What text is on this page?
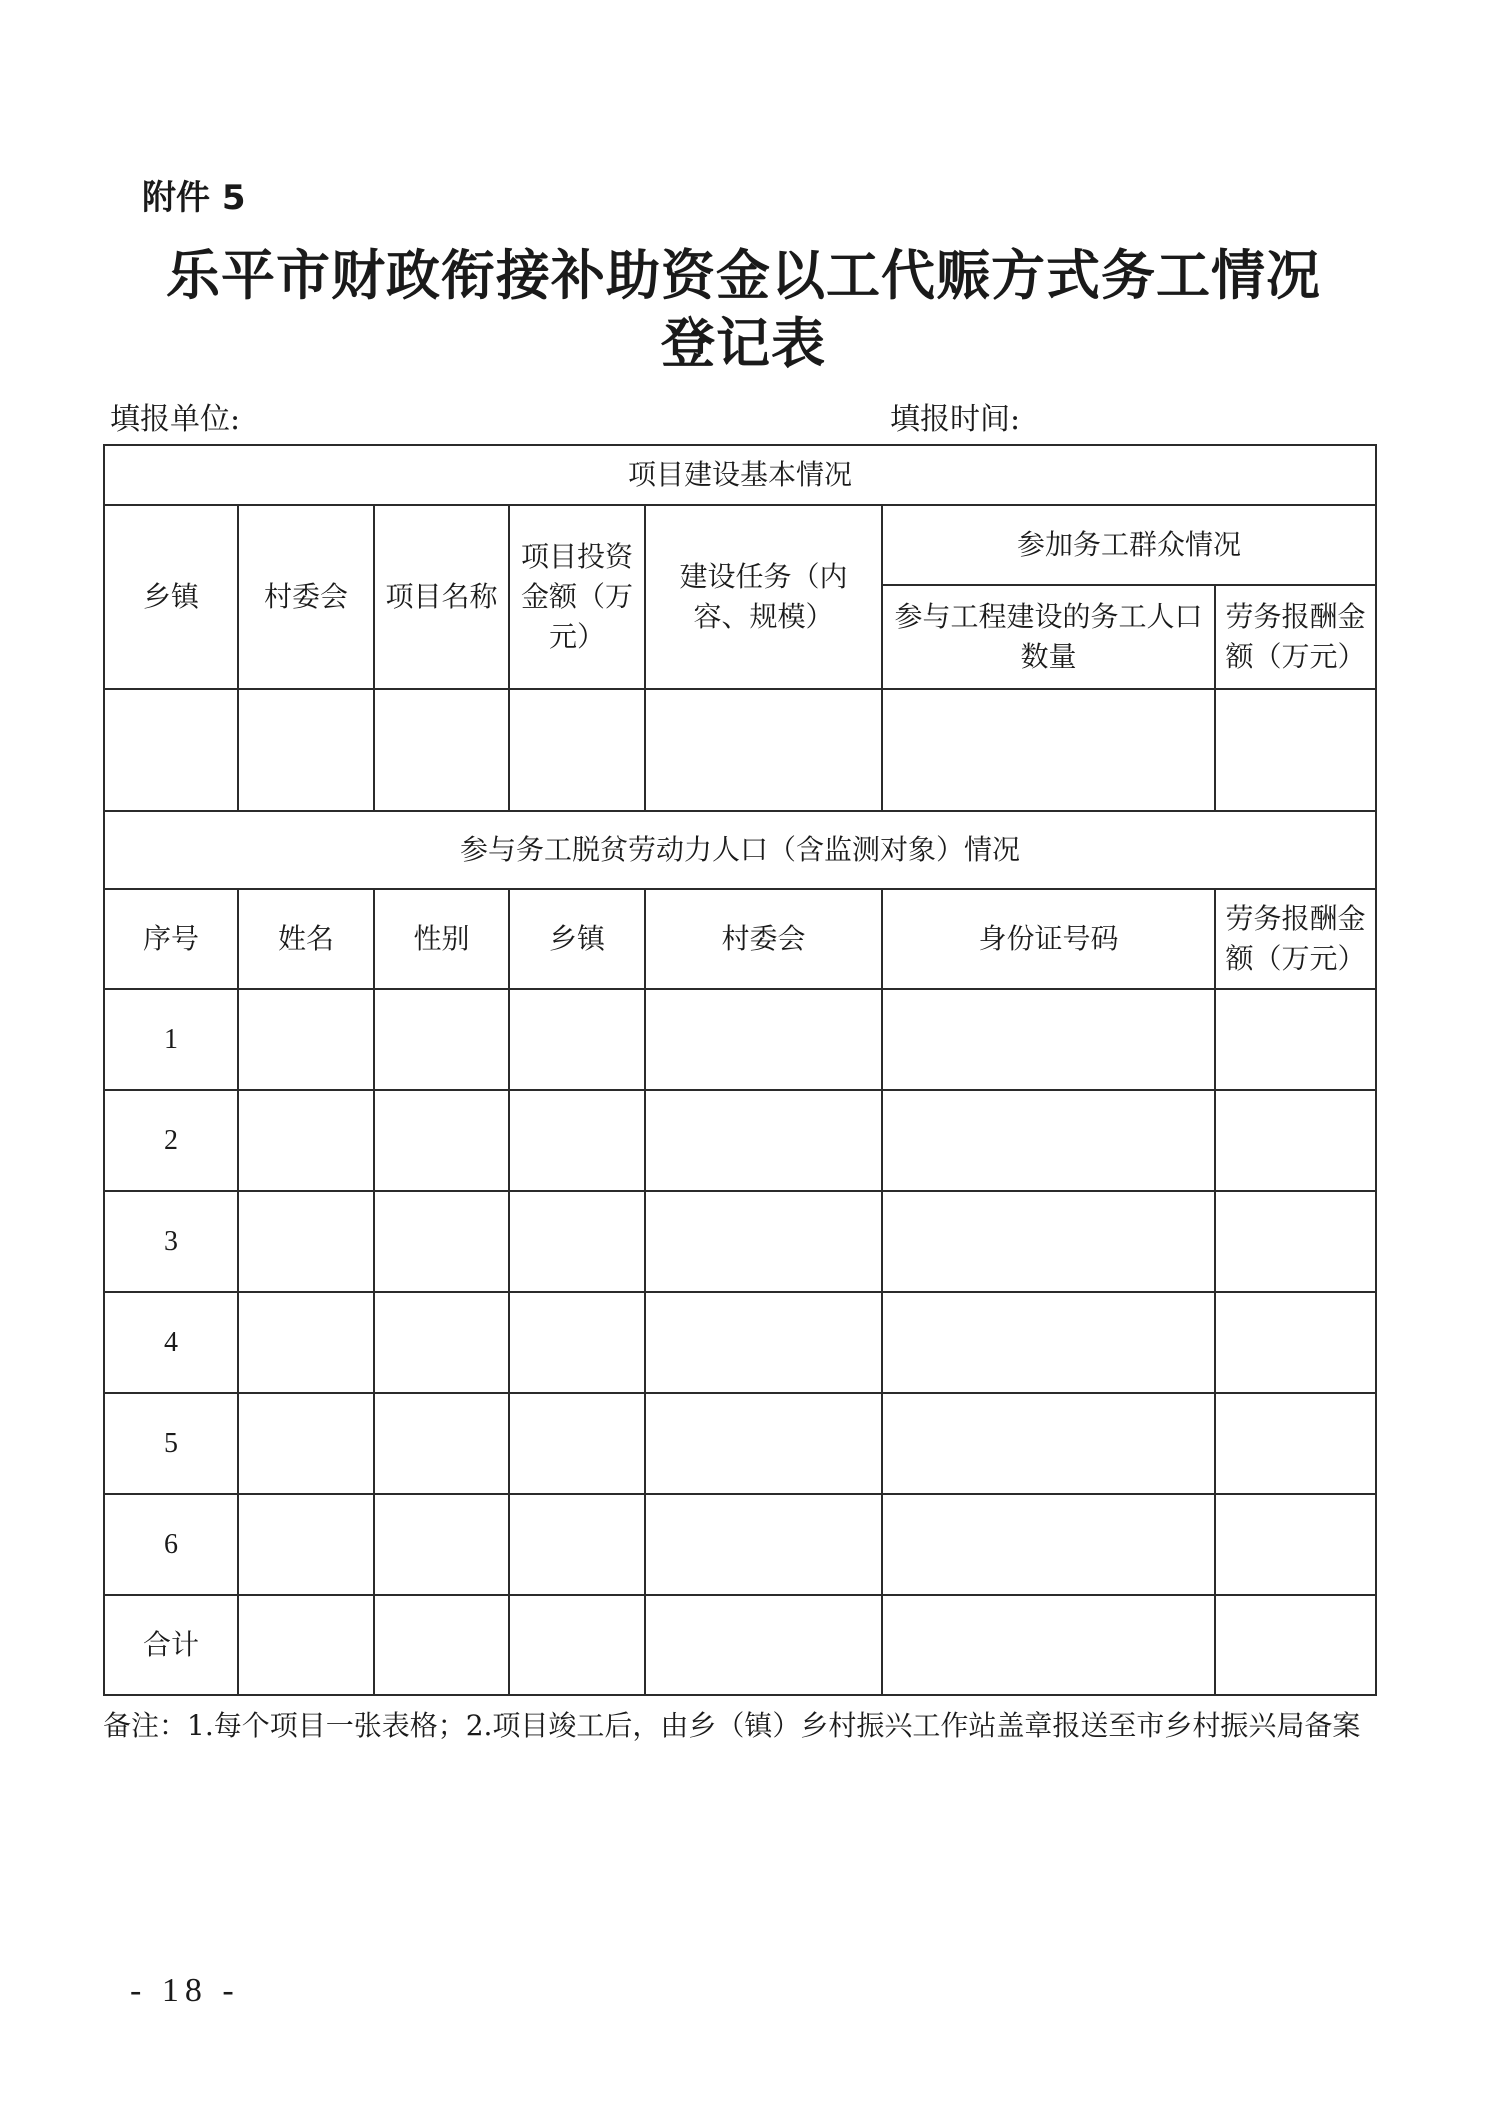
附件 5
乐平市财政衔接补助资金以工代赈方式务工情况
登记表
填报单位:	填报时间:
项目建设基本情况						
乡镇	村委会	项目名称	项目投资金额（万元）	建设任务（内容、规模）	参加务工群众情况	
					参与工程建设的务工人口数量	劳务报酬金额（万元）

参与务工脱贫劳动力人口（含监测对象）情况						
序号	姓名	性别	乡镇	村委会	身份证号码	劳务报酬金额（万元）
1						
2						
3						
4						
5						
6						
合计						
备注：1.每个项目一张表格；2.项目竣工后，由乡（镇）乡村振兴工作站盖章报送至市乡村振兴局备案
- 18 -
